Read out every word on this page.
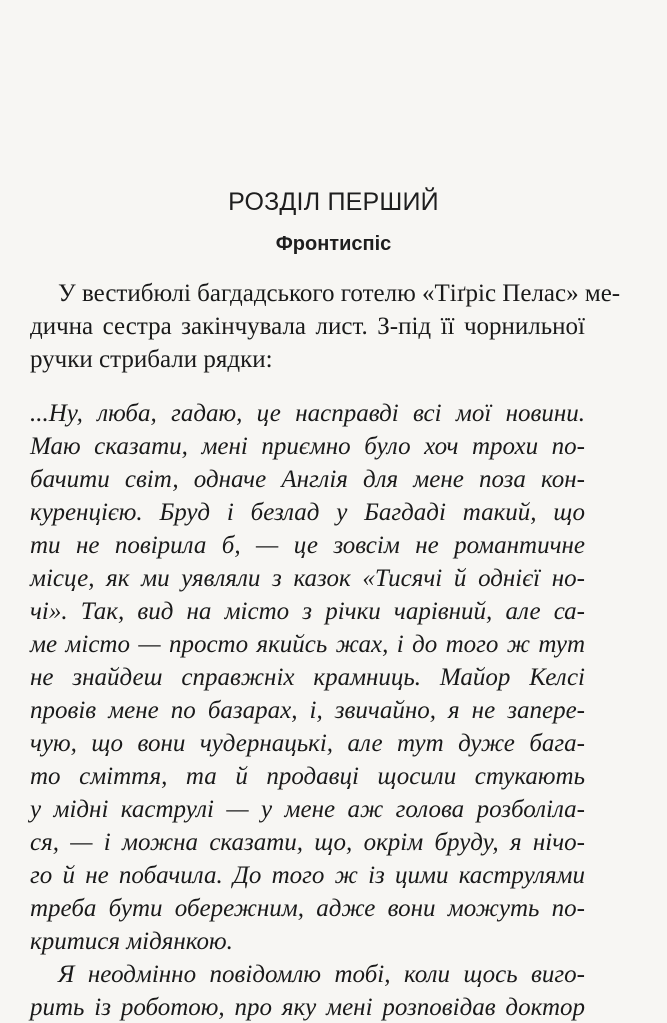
РОЗДІЛ ПЕРШИЙ
Фронтиспіс
У вестибюлі багдадського готелю «Тіґріс Пелас» ме-
дична сестра закінчувала лист. З-під її чорнильної
ручки стрибали рядки:
...Ну, люба, гадаю, це насправді всі мої новини.
Маю сказати, мені приємно було хоч трохи по-
бачити світ, одначе Англія для мене поза кон-
куренцією. Бруд і безлад у Багдаді такий, що
ти не повірила б, — це зовсім не романтичне
місце, як ми уявляли з казок «Тисячі й однієї но-
чі». Так, вид на місто з річки чарівний, але са-
ме місто — просто якийсь жах, і до того ж тут
не знайдеш справжніх крамниць. Майор Келсі
провів мене по базарах, і, звичайно, я не запере-
чую, що вони чудернацькі, але тут дуже бага-
то сміття, та й продавці щосили стукають
у мідні каструлі — у мене аж голова розболіла-
ся, — і можна сказати, що, окрім бруду, я нічо-
го й не побачила. До того ж із цими каструлями
треба бути обережним, адже вони можуть по-
критися мідянкою.
Я неодмінно повідомлю тобі, коли щось виго-
рить із роботою, про яку мені розповідав доктор
